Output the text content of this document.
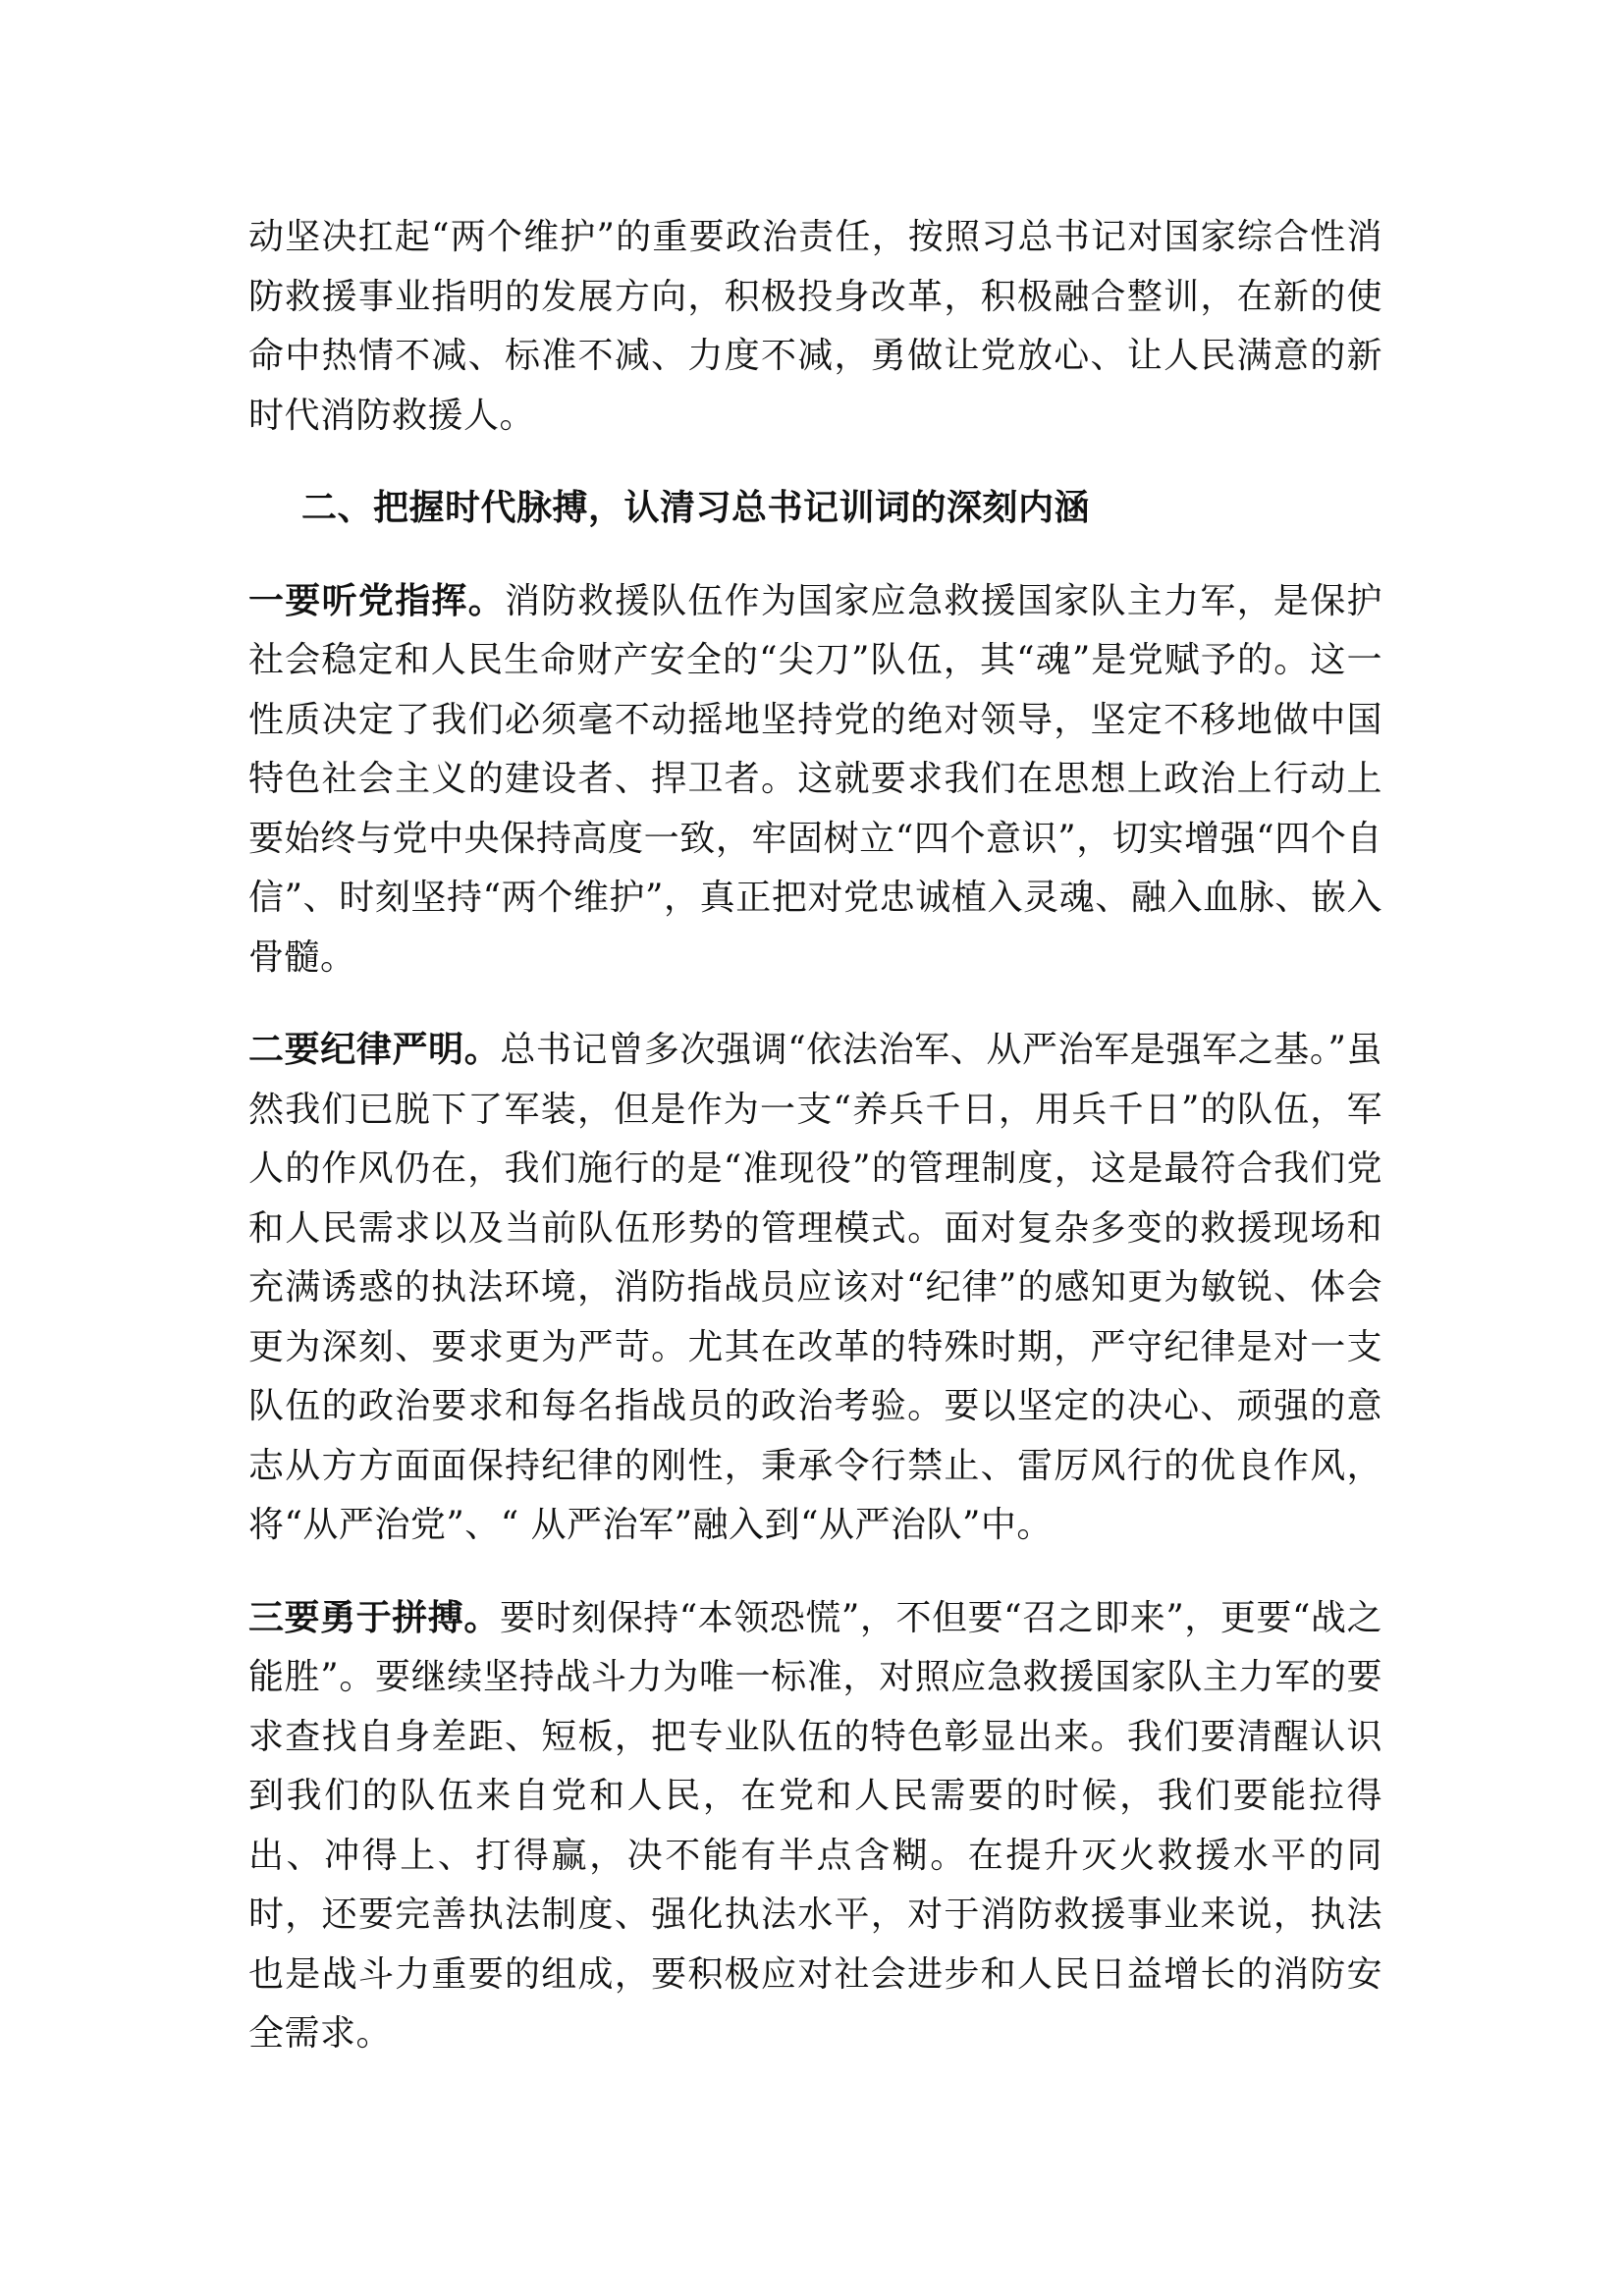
动坚决扛起“两个维护”的重要政治责任，按照习总书记对国家综合性消防救援事业指明的发展方向，积极投身改革，积极融合整训，在新的使命中热情不减、标准不减、力度不减，勇做让党放心、让人民满意的新时代消防救援人。

二、把握时代脉搏，认清习总书记训词的深刻内涵

一要听党指挥。消防救援队伍作为国家应急救援国家队主力军，是保护社会稳定和人民生命财产安全的“尖刀”队伍，其“魂”是党赋予的。这一性质决定了我们必须毫不动摇地坚持党的绝对领导，坚定不移地做中国特色社会主义的建设者、捍卫者。这就要求我们在思想上政治上行动上要始终与党中央保持高度一致，牢固树立“四个意识”，切实增强“四个自信”、时刻坚持“两个维护”，真正把对党忠诚植入灵魂、融入血脉、嵌入骨髓。

二要纪律严明。总书记曾多次强调“依法治军、从严治军是强军之基。”虽然我们已脱下了军装，但是作为一支“养兵千日，用兵千日”的队伍，军人的作风仍在，我们施行的是“准现役”的管理制度，这是最符合我们党和人民需求以及当前队伍形势的管理模式。面对复杂多变的救援现场和充满诱惑的执法环境，消防指战员应该对“纪律”的感知更为敏锐、体会更为深刻、要求更为严苛。尤其在改革的特殊时期，严守纪律是对一支队伍的政治要求和每名指战员的政治考验。要以坚定的决心、顽强的意志从方方面面保持纪律的刚性，秉承令行禁止、雷厉风行的优良作风，将“从严治党”、“ 从严治军”融入到“从严治队”中。

三要勇于拼搏。要时刻保持“本领恐慌”，不但要“召之即来”，更要“战之能胜”。要继续坚持战斗力为唯一标准，对照应急救援国家队主力军的要求查找自身差距、短板，把专业队伍的特色彰显出来。我们要清醒认识到我们的队伍来自党和人民，在党和人民需要的时候，我们要能拉得出、冲得上、打得赢，决不能有半点含糊。在提升灭火救援水平的同时，还要完善执法制度、强化执法水平，对于消防救援事业来说，执法也是战斗力重要的组成，要积极应对社会进步和人民日益增长的消防安全需求。
